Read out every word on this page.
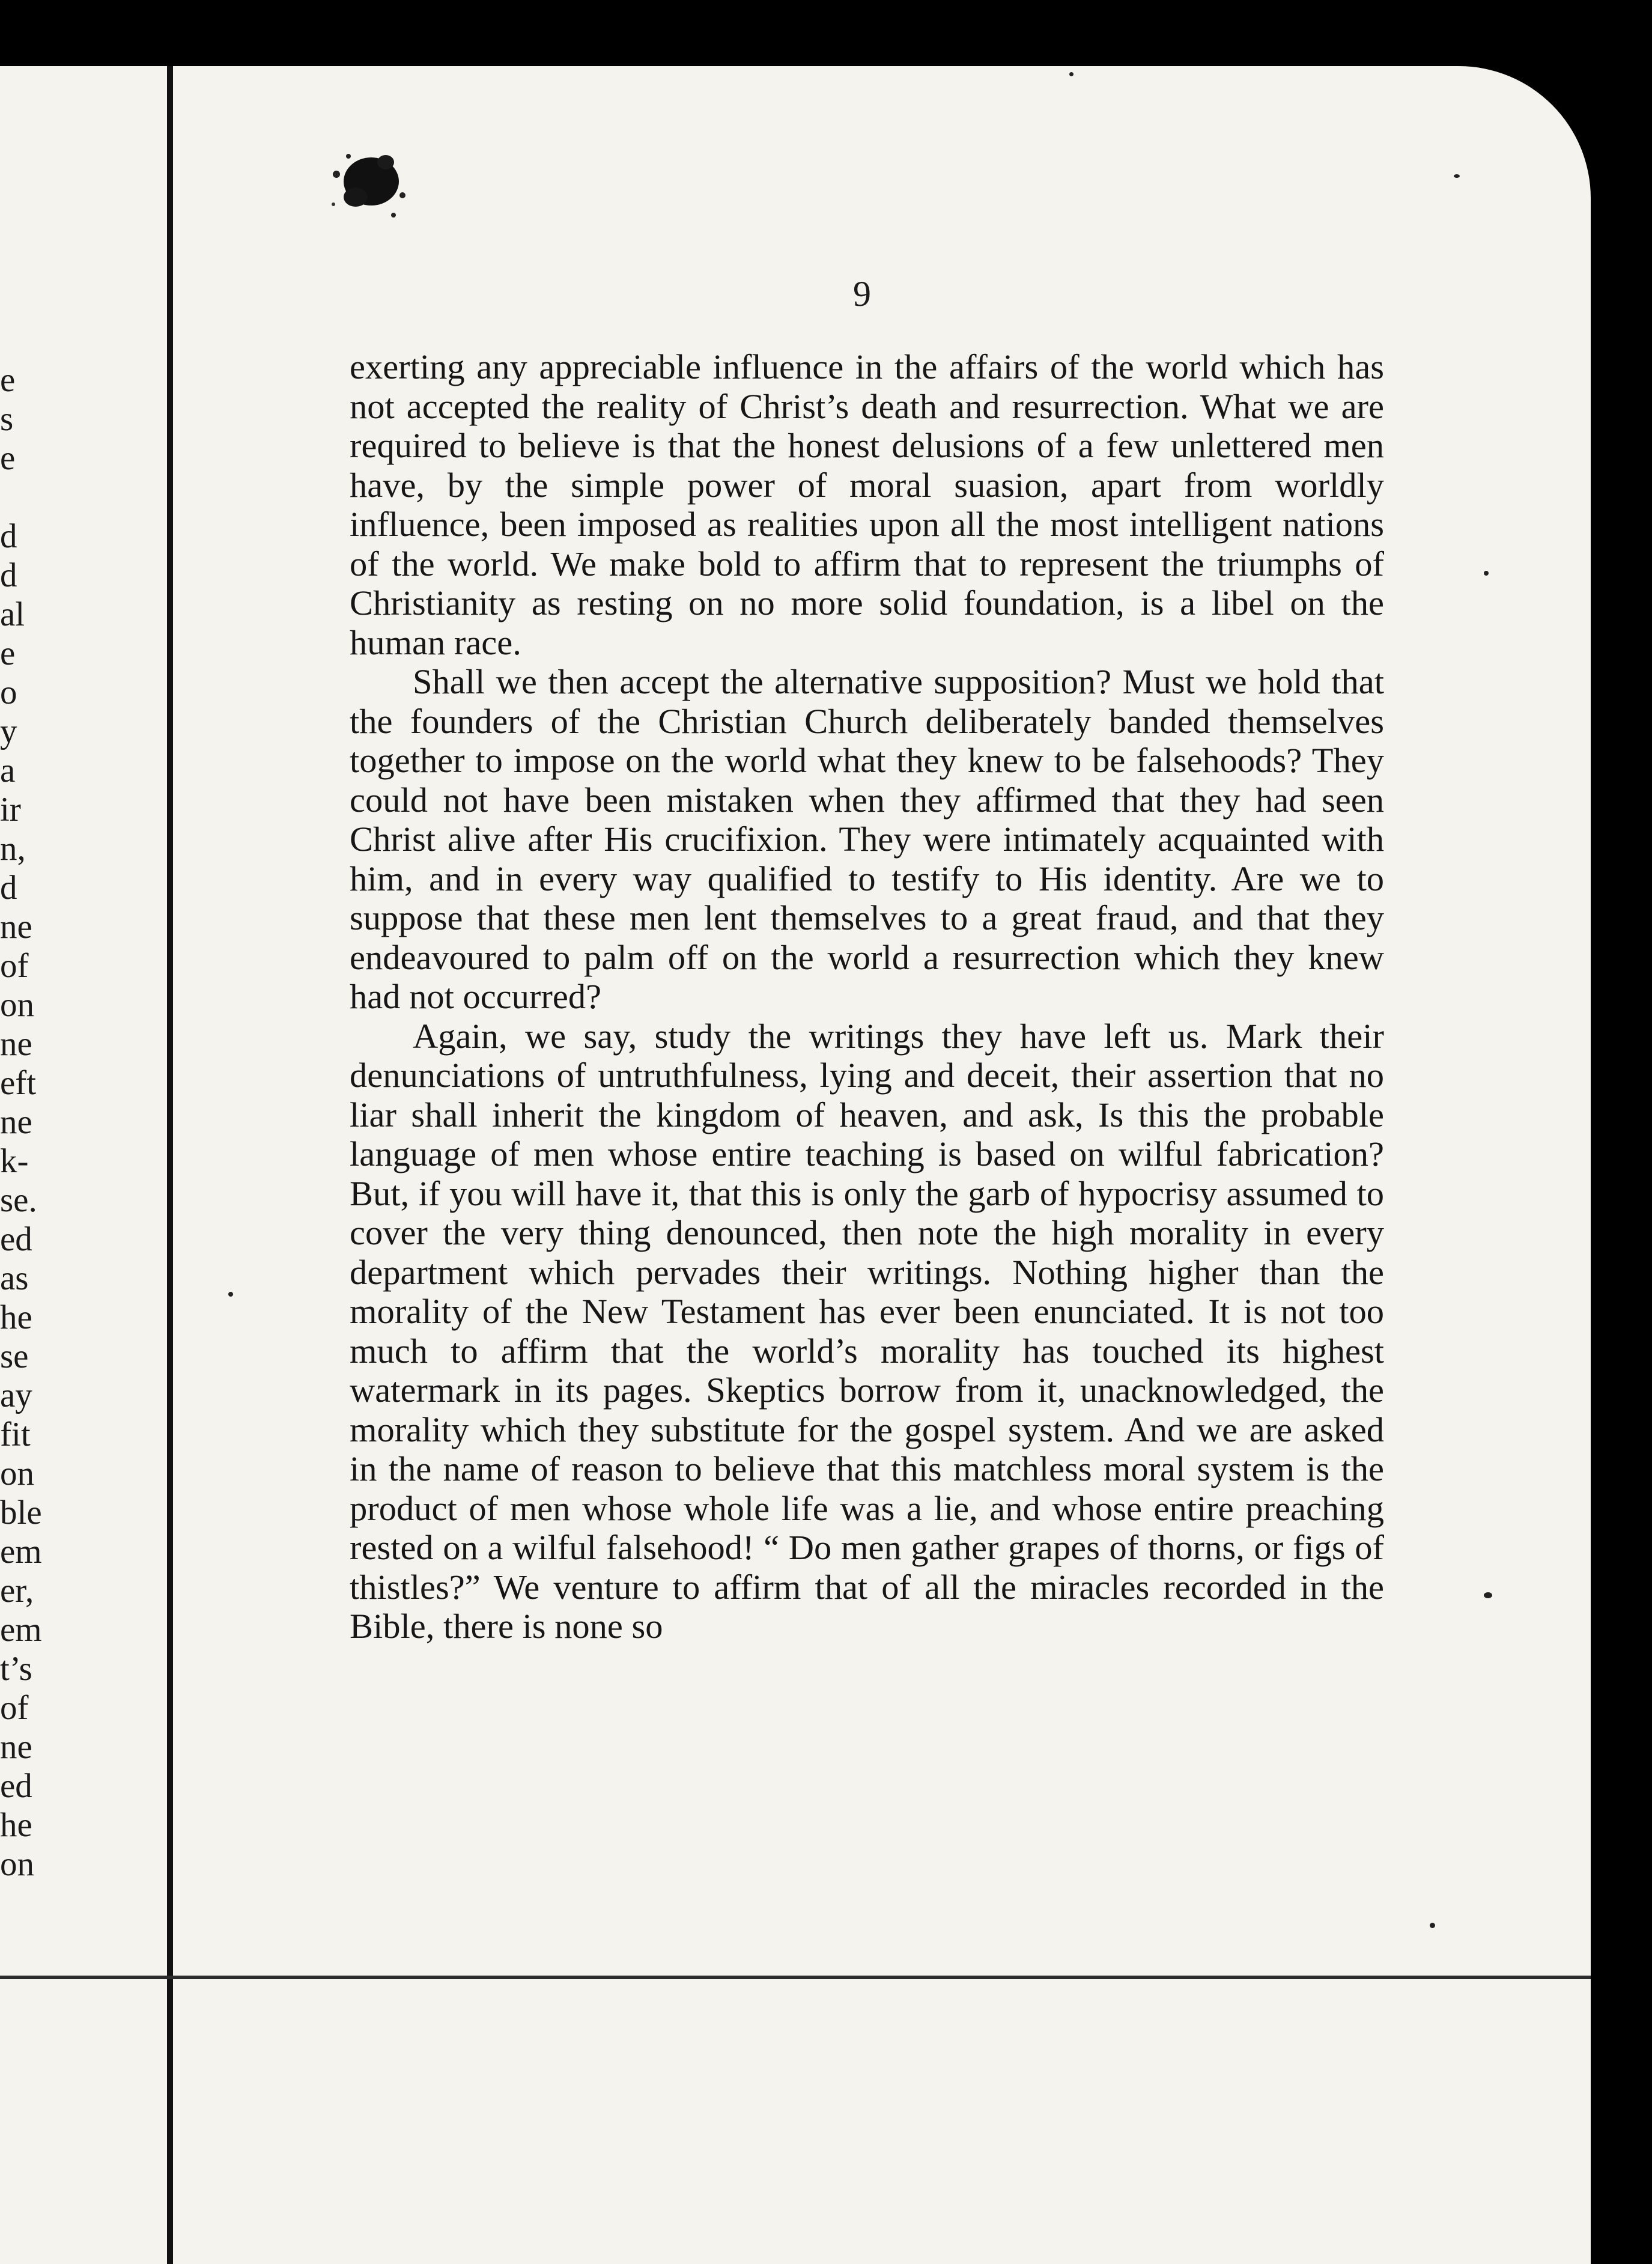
e
s
e
d
d
al
e
o
y
a
ir
n,
d
ne
of
on
ne
eft
ne
k-
se.
ed
as
he
se
ay
fit
on
ble
em
er,
em
t’s
of
ne
ed
he
on
9

exerting any appreciable influence in the affairs of the world which has not accepted the reality of Christ’s death and resurrection. What we are required to believe is that the honest delusions of a few unlettered men have, by the simple power of moral suasion, apart from worldly influence, been imposed as realities upon all the most intelligent nations of the world. We make bold to affirm that to represent the triumphs of Christianity as resting on no more solid foundation, is a libel on the human race.

Shall we then accept the alternative supposition? Must we hold that the founders of the Christian Church deliberately banded themselves together to impose on the world what they knew to be falsehoods? They could not have been mistaken when they affirmed that they had seen Christ alive after His crucifixion. They were intimately acquainted with him, and in every way qualified to testify to His identity. Are we to suppose that these men lent themselves to a great fraud, and that they endeavoured to palm off on the world a resurrection which they knew had not occurred?

Again, we say, study the writings they have left us. Mark their denunciations of untruthfulness, lying and deceit, their assertion that no liar shall inherit the kingdom of heaven, and ask, Is this the probable language of men whose entire teaching is based on wilful fabrication? But, if you will have it, that this is only the garb of hypocrisy assumed to cover the very thing denounced, then note the high morality in every department which pervades their writings. Nothing higher than the morality of the New Testament has ever been enunciated. It is not too much to affirm that the world’s morality has touched its highest watermark in its pages. Skeptics borrow from it, unacknowledged, the morality which they substitute for the gospel system. And we are asked in the name of reason to believe that this matchless moral system is the product of men whose whole life was a lie, and whose entire preaching rested on a wilful falsehood! “ Do men gather grapes of thorns, or figs of thistles?” We venture to affirm that of all the miracles recorded in the Bible, there is none so
